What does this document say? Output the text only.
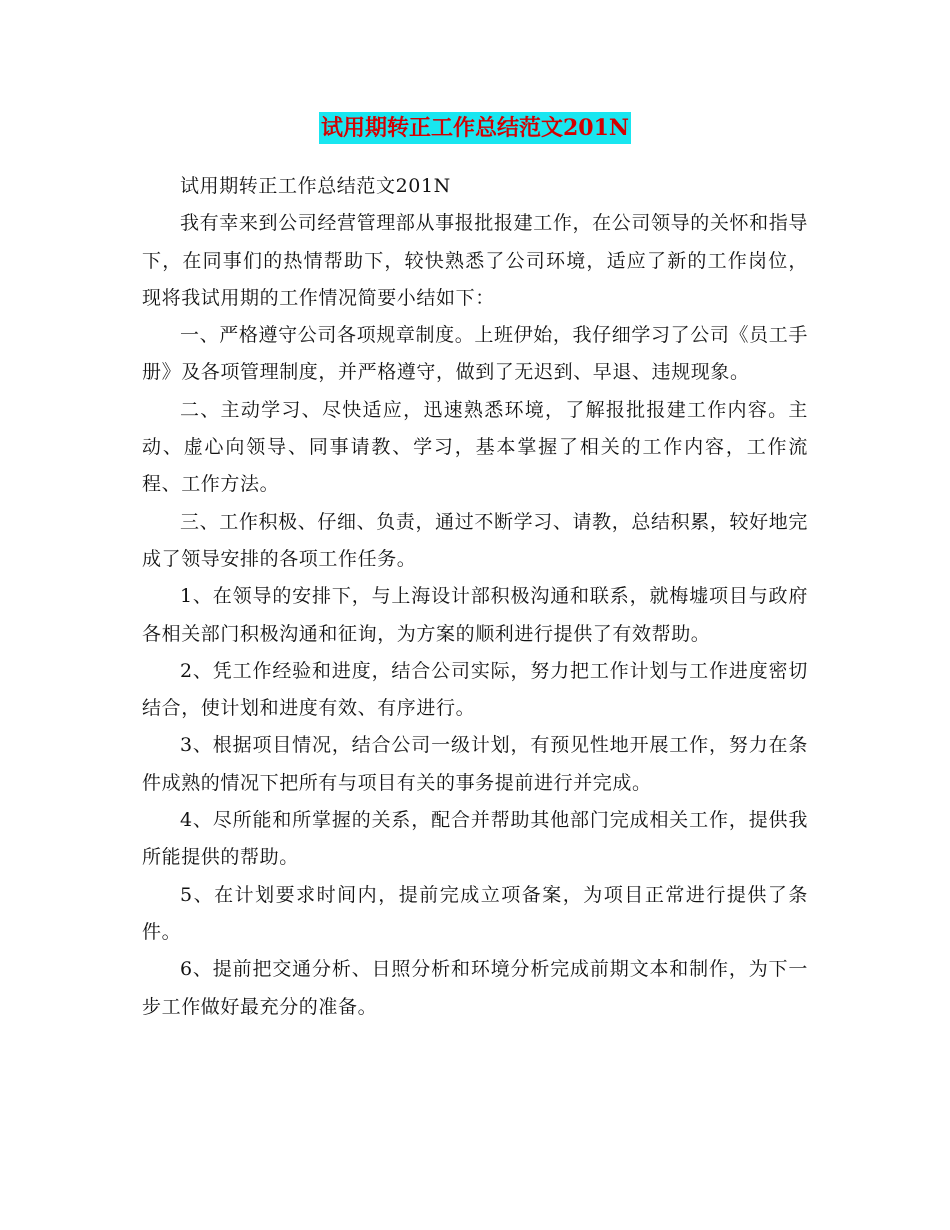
试用期转正工作总结范文201N

试用期转正工作总结范文201N

我有幸来到公司经营管理部从事报批报建工作，在公司领导的关怀和指导下，在同事们的热情帮助下，较快熟悉了公司环境，适应了新的工作岗位，现将我试用期的工作情况简要小结如下：

一、严格遵守公司各项规章制度。上班伊始，我仔细学习了公司《员工手册》及各项管理制度，并严格遵守，做到了无迟到、早退、违规现象。

二、主动学习、尽快适应，迅速熟悉环境，了解报批报建工作内容。主动、虚心向领导、同事请教、学习，基本掌握了相关的工作内容，工作流程、工作方法。

三、工作积极、仔细、负责，通过不断学习、请教，总结积累，较好地完成了领导安排的各项工作任务。

1、在领导的安排下，与上海设计部积极沟通和联系，就梅墟项目与政府各相关部门积极沟通和征询，为方案的顺利进行提供了有效帮助。

2、凭工作经验和进度，结合公司实际，努力把工作计划与工作进度密切结合，使计划和进度有效、有序进行。

3、根据项目情况，结合公司一级计划，有预见性地开展工作，努力在条件成熟的情况下把所有与项目有关的事务提前进行并完成。

4、尽所能和所掌握的关系，配合并帮助其他部门完成相关工作，提供我所能提供的帮助。

5、在计划要求时间内，提前完成立项备案，为项目正常进行提供了条件。

6、提前把交通分析、日照分析和环境分析完成前期文本和制作，为下一步工作做好最充分的准备。
